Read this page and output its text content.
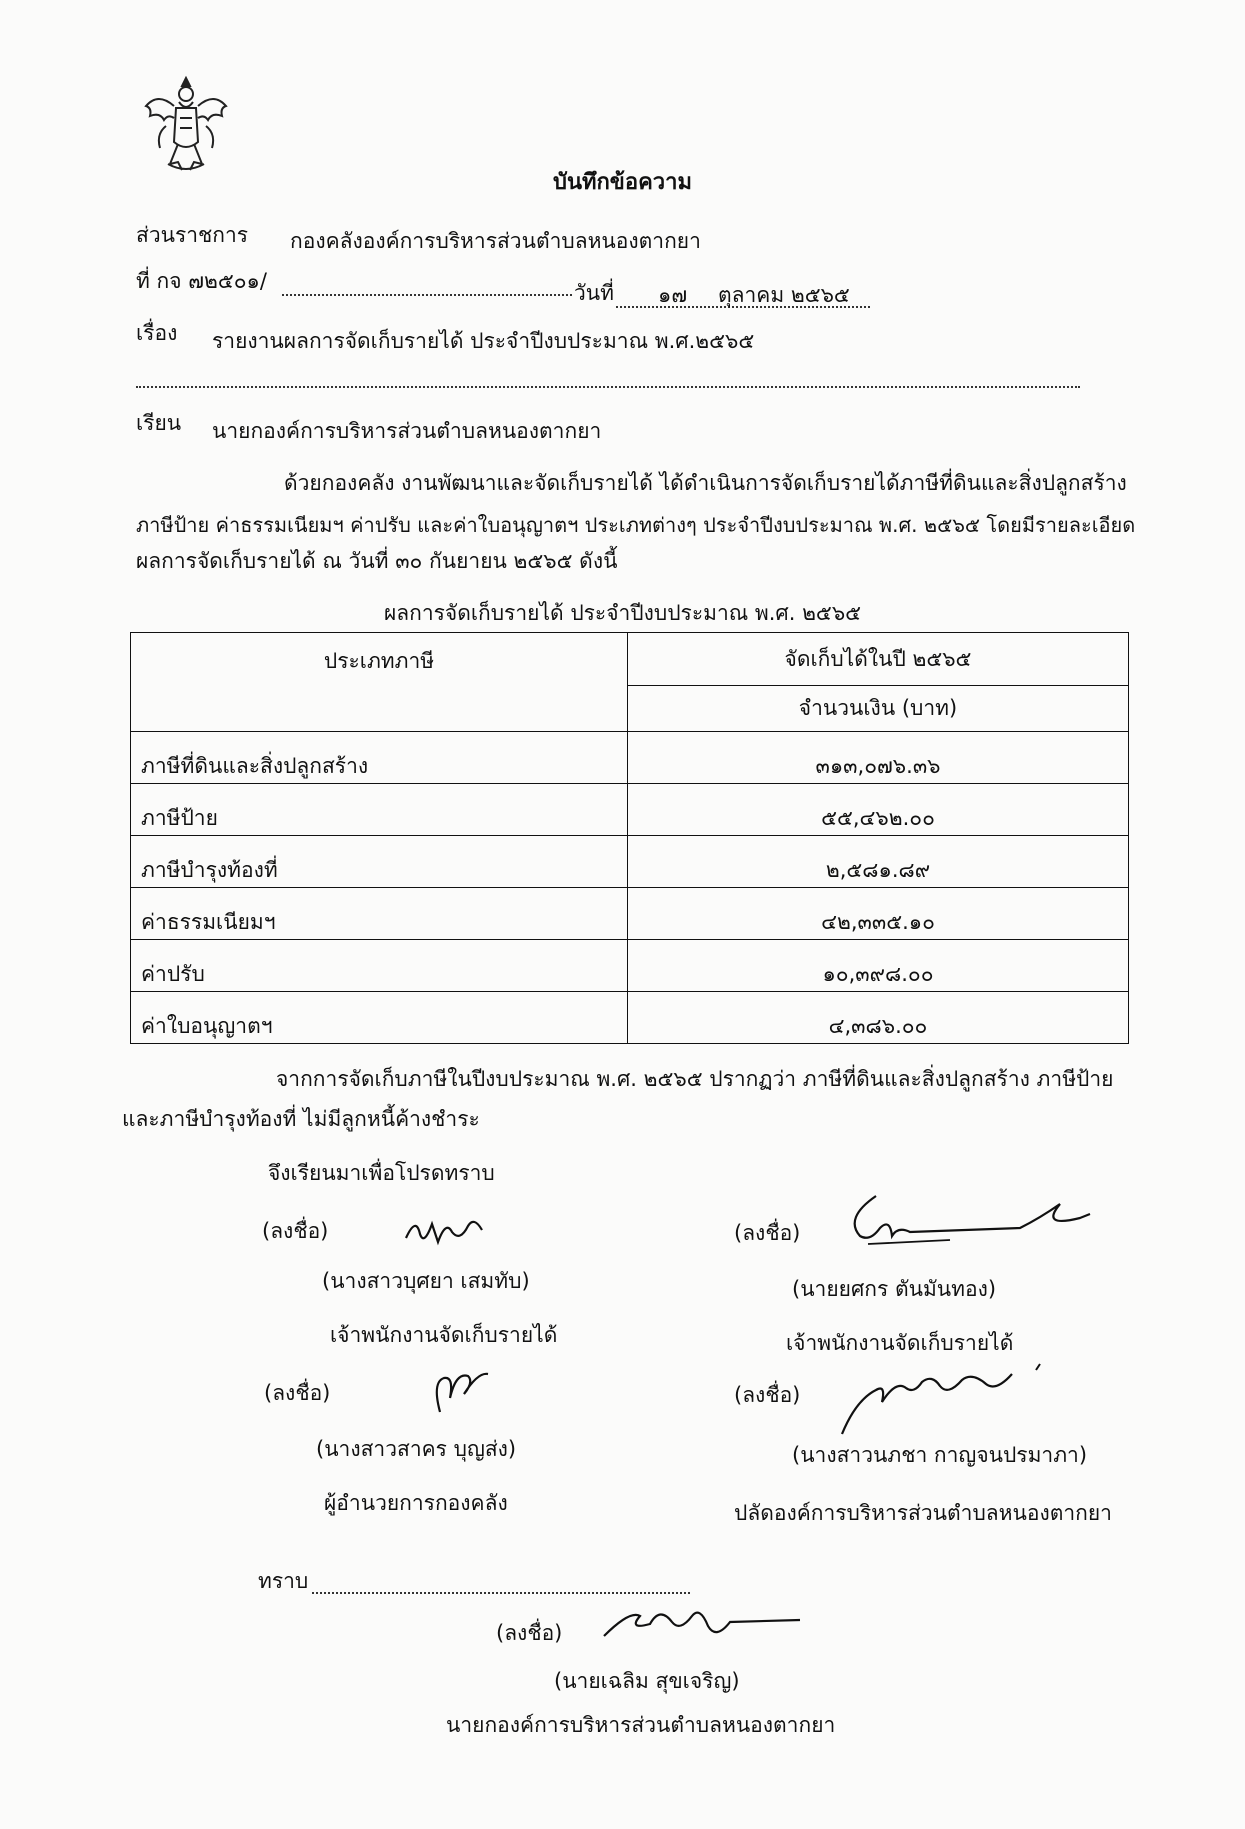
บันทึกข้อความ
ส่วนราชการ กองคลังองค์การบริหารส่วนตำบลหนองตากยา
ที่ กจ ๗๒๕๐๑/	วันที่ ๑๗ ตุลาคม ๒๕๖๕
เรื่อง รายงานผลการจัดเก็บรายได้ ประจำปีงบประมาณ พ.ศ.๒๕๖๕
เรียน นายกองค์การบริหารส่วนตำบลหนองตากยา
ด้วยกองคลัง งานพัฒนาและจัดเก็บรายได้ ได้ดำเนินการจัดเก็บรายได้ภาษีที่ดินและสิ่งปลูกสร้าง
ภาษีป้าย ค่าธรรมเนียมฯ ค่าปรับ และค่าใบอนุญาตฯ ประเภทต่างๆ ประจำปีงบประมาณ พ.ศ. ๒๕๖๕ โดยมีรายละเอียด
ผลการจัดเก็บรายได้ ณ วันที่ ๓๐ กันยายน ๒๕๖๕ ดังนี้
ผลการจัดเก็บรายได้ ประจำปีงบประมาณ พ.ศ. ๒๕๖๕
ประเภทภาษี	จัดเก็บได้ในปี ๒๕๖๕
	จำนวนเงิน (บาท)
ภาษีที่ดินและสิ่งปลูกสร้าง	๓๑๓,๐๗๖.๓๖
ภาษีป้าย	๕๕,๔๖๒.๐๐
ภาษีบำรุงท้องที่	๒,๕๘๑.๘๙
ค่าธรรมเนียมฯ	๔๒,๓๓๕.๑๐
ค่าปรับ	๑๐,๓๙๘.๐๐
ค่าใบอนุญาตฯ	๔,๓๘๖.๐๐
จากการจัดเก็บภาษีในปีงบประมาณ พ.ศ. ๒๕๖๕ ปรากฏว่า ภาษีที่ดินและสิ่งปลูกสร้าง ภาษีป้าย
และภาษีบำรุงท้องที่ ไม่มีลูกหนี้ค้างชำระ
จึงเรียนมาเพื่อโปรดทราบ
(ลงชื่อ)
(นางสาวบุศยา เสมทับ)
เจ้าพนักงานจัดเก็บรายได้
(ลงชื่อ)
(นายยศกร ตันมันทอง)
เจ้าพนักงานจัดเก็บรายได้
(ลงชื่อ)
(นางสาวสาคร บุญส่ง)
ผู้อำนวยการกองคลัง
(ลงชื่อ)
(นางสาวนภชา กาญจนปรมาภา)
ปลัดองค์การบริหารส่วนตำบลหนองตากยา
ทราบ
(ลงชื่อ)
(นายเฉลิม สุขเจริญ)
นายกองค์การบริหารส่วนตำบลหนองตากยา
